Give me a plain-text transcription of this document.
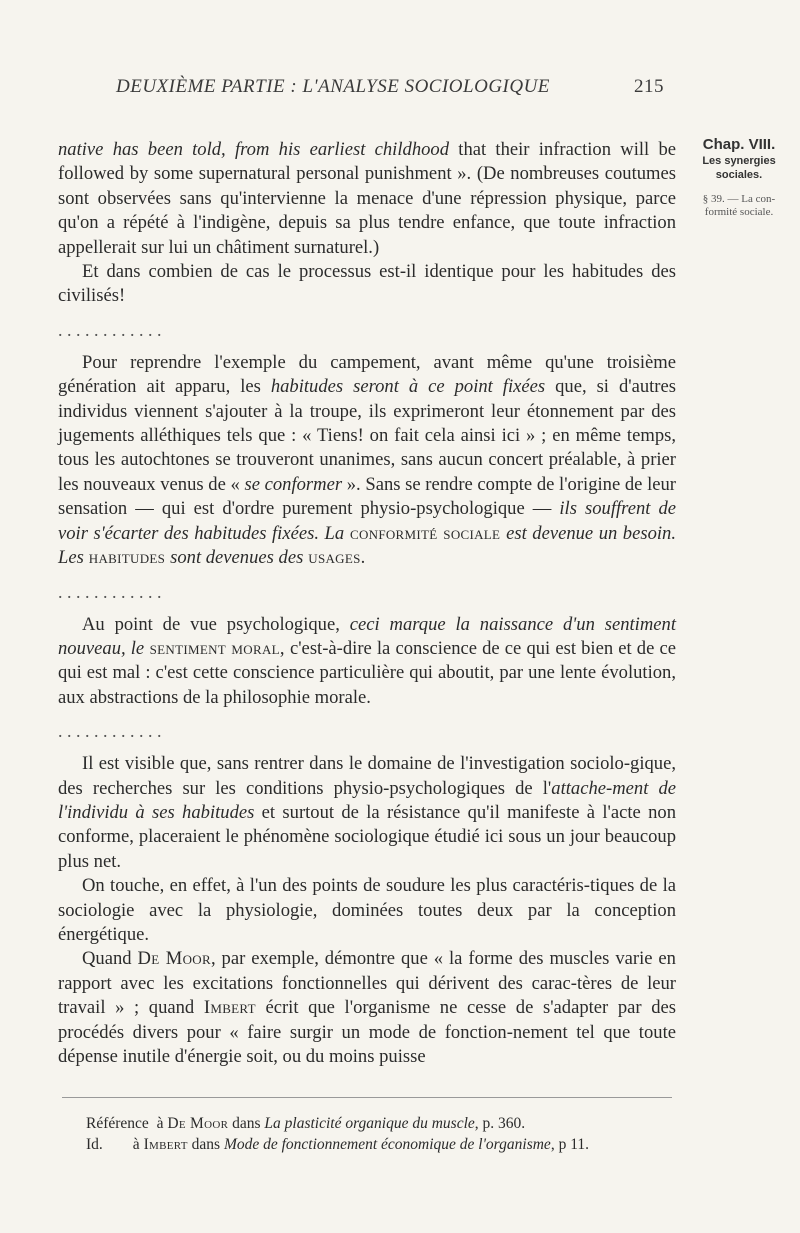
DEUXIÈME PARTIE : L'ANALYSE SOCIOLOGIQUE	215

native has been told, from his earliest childhood that their infraction will be followed by some supernatural personal punishment ». (De nombreuses coutumes sont observées sans qu'intervienne la menace d'une répression physique, parce qu'on a répété à l'indigène, depuis sa plus tendre enfance, que toute infraction appellerait sur lui un châtiment surnaturel.)

Et dans combien de cas le processus est-il identique pour les habitudes des civilisés!

. . . . . . . . . . . .

Pour reprendre l'exemple du campement, avant même qu'une troisième génération ait apparu, les habitudes seront à ce point fixées que, si d'autres individus viennent s'ajouter à la troupe, ils exprimeront leur étonnement par des jugements alléthiques tels que : « Tiens! on fait cela ainsi ici » ; en même temps, tous les autochtones se trouveront unanimes, sans aucun concert préalable, à prier les nouveaux venus de « se conformer ». Sans se rendre compte de l'origine de leur sensation — qui est d'ordre purement physio-psychologique — ils souffrent de voir s'écarter des habitudes fixées. La conformité sociale est devenue un besoin. Les habitudes sont devenues des usages.

. . . . . . . . . . . .

Au point de vue psychologique, ceci marque la naissance d'un sentiment nouveau, le sentiment moral, c'est-à-dire la conscience de ce qui est bien et de ce qui est mal : c'est cette conscience particulière qui aboutit, par une lente évolution, aux abstractions de la philosophie morale.

. . . . . . . . . . . .

Il est visible que, sans rentrer dans le domaine de l'investigation sociolo-gique, des recherches sur les conditions physio-psychologiques de l'attache-ment de l'individu à ses habitudes et surtout de la résistance qu'il manifeste à l'acte non conforme, placeraient le phénomène sociologique étudié ici sous un jour beaucoup plus net.

On touche, en effet, à l'un des points de soudure les plus caractéris-tiques de la sociologie avec la physiologie, dominées toutes deux par la conception énergétique.

Quand De Moor, par exemple, démontre que « la forme des muscles varie en rapport avec les excitations fonctionnelles qui dérivent des carac-tères de leur travail » ; quand Imbert écrit que l'organisme ne cesse de s'adapter par des procédés divers pour « faire surgir un mode de fonction-nement tel que toute dépense inutile d'énergie soit, ou du moins puisse

Chap. VIII.
Les synergies
sociales.
§ 39. — La con-
formité sociale.
Référence à De Moor dans La plasticité organique du muscle, p. 360.
Id. à Imbert dans Mode de fonctionnement économique de l'organisme, p 11.
